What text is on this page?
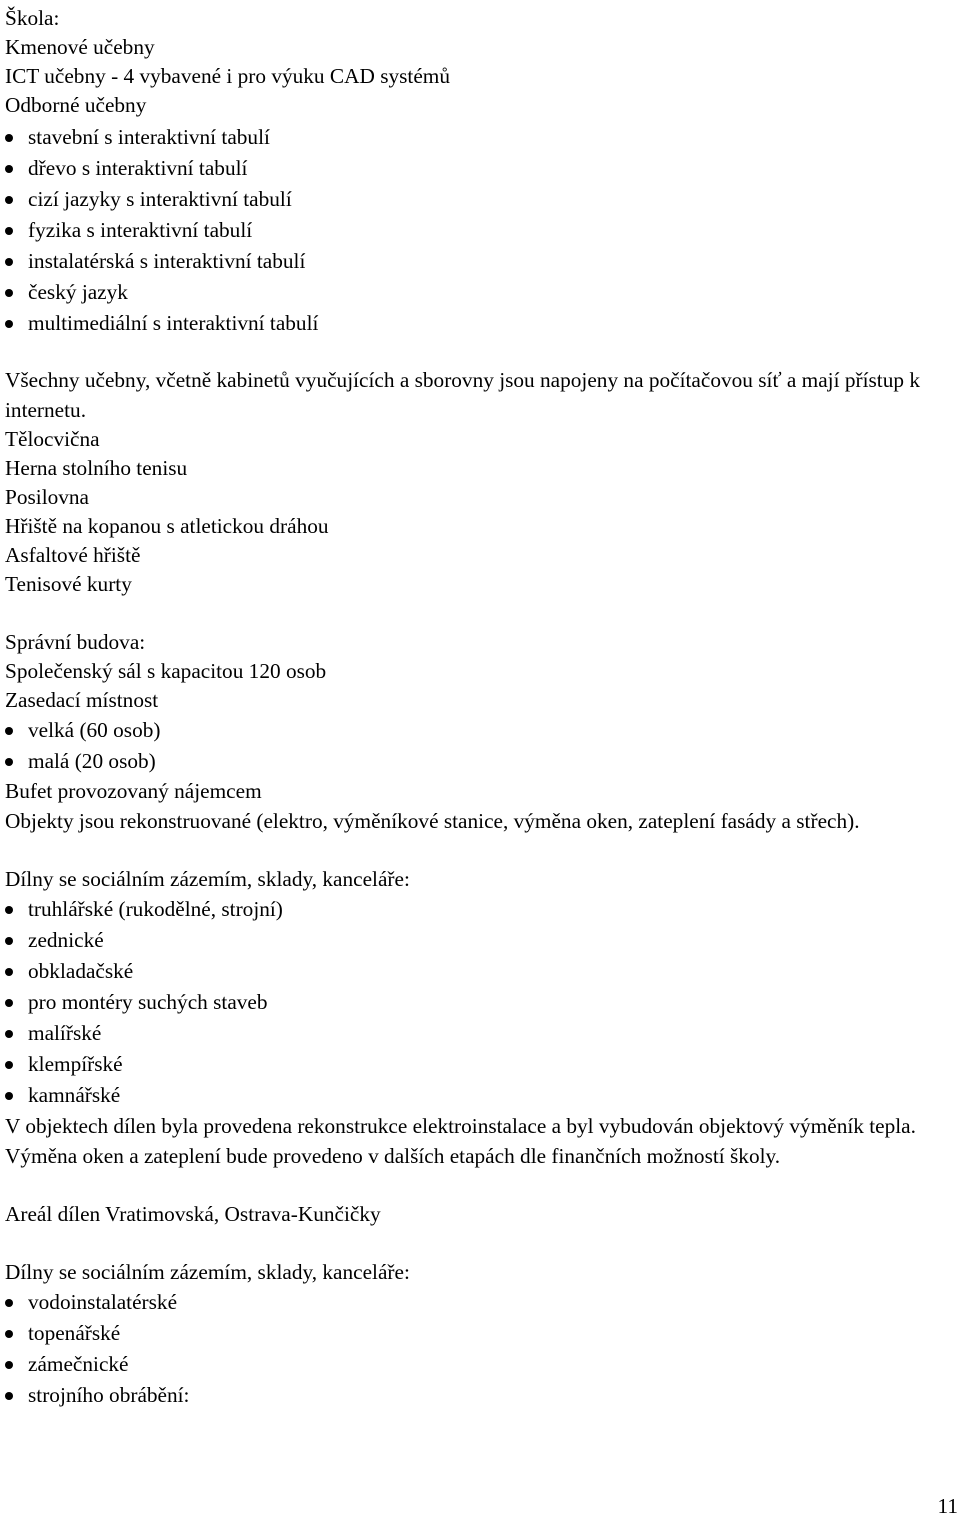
Škola:
Kmenové učebny
ICT učebny - 4 vybavené i pro výuku CAD systémů
Odborné učebny
stavební s interaktivní tabulí
dřevo s interaktivní tabulí
cizí jazyky s interaktivní tabulí
fyzika s interaktivní tabulí
instalatérská s interaktivní tabulí
český jazyk
multimediální s interaktivní tabulí
Všechny učebny, včetně kabinetů vyučujících a sborovny jsou napojeny na počítačovou síť a mají přístup k internetu.
Tělocvična
Herna stolního tenisu
Posilovna
Hřiště na kopanou s atletickou dráhou
Asfaltové hřiště
Tenisové kurty
Správní budova:
Společenský sál s kapacitou 120 osob
Zasedací místnost
velká (60 osob)
malá (20 osob)
Bufet provozovaný nájemcem
Objekty jsou rekonstruované (elektro, výměníkové stanice, výměna oken, zateplení fasády a střech).
Dílny se sociálním zázemím, sklady, kanceláře:
truhlářské (rukodělné, strojní)
zednické
obkladačské
pro montéry suchých staveb
malířské
klempířské
kamnářské
V objektech dílen byla provedena rekonstrukce elektroinstalace a byl vybudován objektový výměník tepla. Výměna oken a zateplení bude provedeno v dalších etapách dle finančních možností školy.
Areál dílen Vratimovská, Ostrava-Kunčičky
Dílny se sociálním zázemím, sklady, kanceláře:
vodoinstalatérské
topenářské
zámečnické
strojního obrábění:
11
